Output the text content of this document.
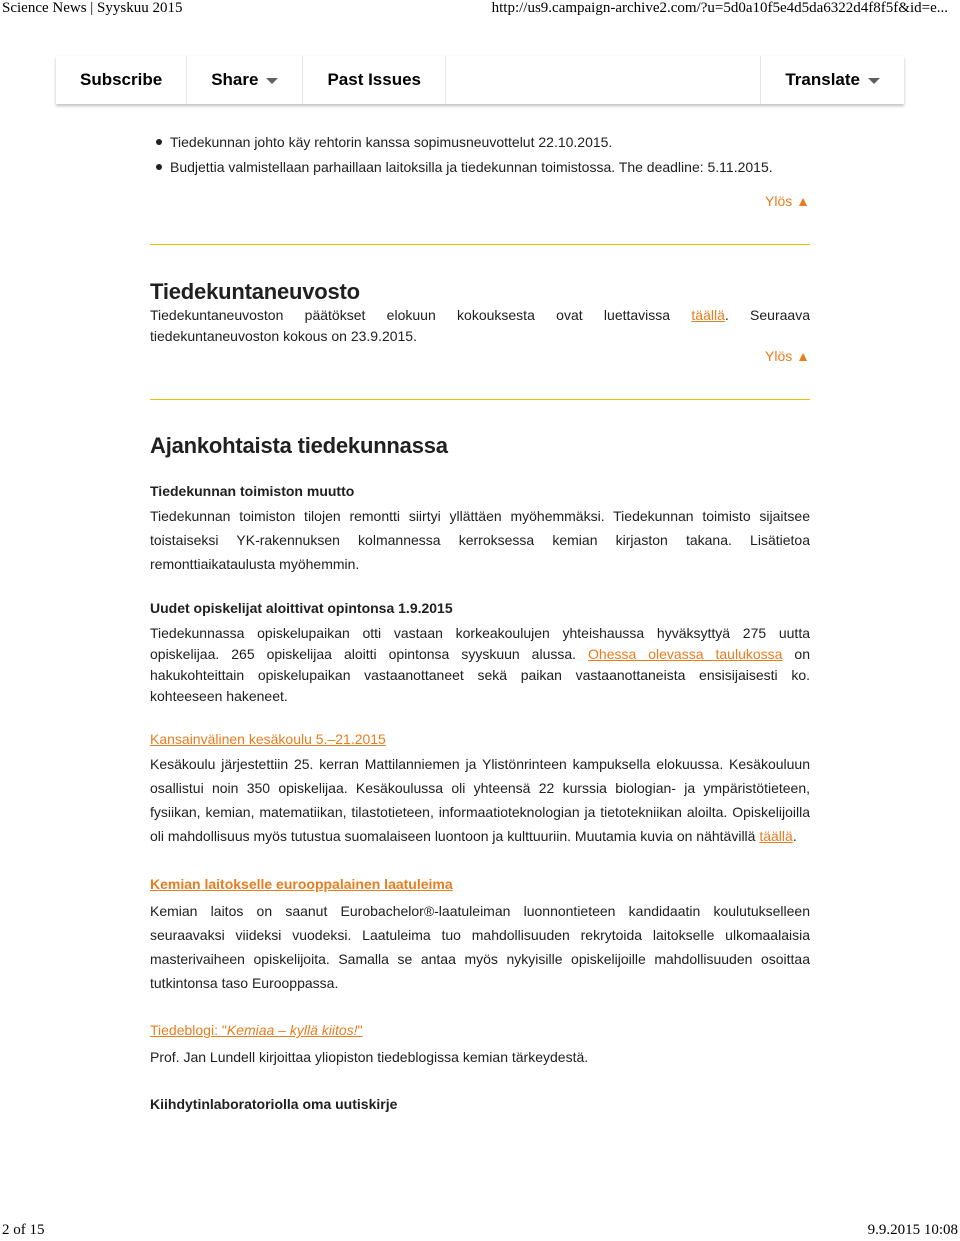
Science News | Syyskuu 2015	http://us9.campaign-archive2.com/?u=5d0a10f5e4d5da6322d4f8f5f&id=e...
Subscribe	Share	Past Issues	Translate
Tiedekunnan johto käy rehtorin kanssa sopimusneuvottelut 22.10.2015.
Budjettia valmistellaan parhaillaan laitoksilla ja tiedekunnan toimistossa. The deadline: 5.11.2015.
Ylös ▲
Tiedekuntaneuvosto

Tiedekuntaneuvoston päätökset elokuun kokouksesta ovat luettavissa täällä. Seuraava tiedekuntaneuvoston kokous on 23.9.2015.

Ylös ▲
Ajankohtaista tiedekunnassa
Tiedekunnan toimiston muutto

Tiedekunnan toimiston tilojen remontti siirtyi yllättäen myöhemmäksi. Tiedekunnan toimisto sijaitsee toistaiseksi YK-rakennuksen kolmannessa kerroksessa kemian kirjaston takana. Lisätietoa remonttiaikataulusta myöhemmin.

Uudet opiskelijat aloittivat opintonsa 1.9.2015

Tiedekunnassa opiskelupaikan otti vastaan korkeakoulujen yhteishaussa hyväksyttyä 275 uutta opiskelijaa. 265 opiskelijaa aloitti opintonsa syyskuun alussa. Ohessa olevassa taulukossa on hakukohteittain opiskelupaikan vastaanottaneet sekä paikan vastaanottaneista ensisijaisesti ko. kohteeseen hakeneet.

Kansainvälinen kesäkoulu 5.–21.2015

Kesäkoulu järjestettiin 25. kerran Mattilanniemen ja Ylistönrinteen kampuksella elokuussa. Kesäkouluun osallistui noin 350 opiskelijaa. Kesäkoulussa oli yhteensä 22 kurssia biologian- ja ympäristötieteen, fysiikan, kemian, matematiikan, tilastotieteen, informaatioteknologian ja tietotekniikan aloilta. Opiskelijoilla oli mahdollisuus myös tutustua suomalaiseen luontoon ja kulttuuriin. Muutamia kuvia on nähtävillä täällä.

Kemian laitokselle eurooppalainen laatuleima

Kemian laitos on saanut Eurobachelor®-laatuleiman luonnontieteen kandidaatin koulutukselleen seuraavaksi viideksi vuodeksi. Laatuleima tuo mahdollisuuden rekrytoida laitokselle ulkomaalaisia masterivaiheen opiskelijoita. Samalla se antaa myös nykyisille opiskelijoille mahdollisuuden osoittaa tutkintonsa taso Eurooppassa.

Tiedeblogi: "Kemiaa – kyllä kiitos!"

Prof. Jan Lundell kirjoittaa yliopiston tiedeblogissa kemian tärkeydestä.

Kiihdytinlaboratoriolla oma uutiskirje
2 of 15	9.9.2015 10:08
